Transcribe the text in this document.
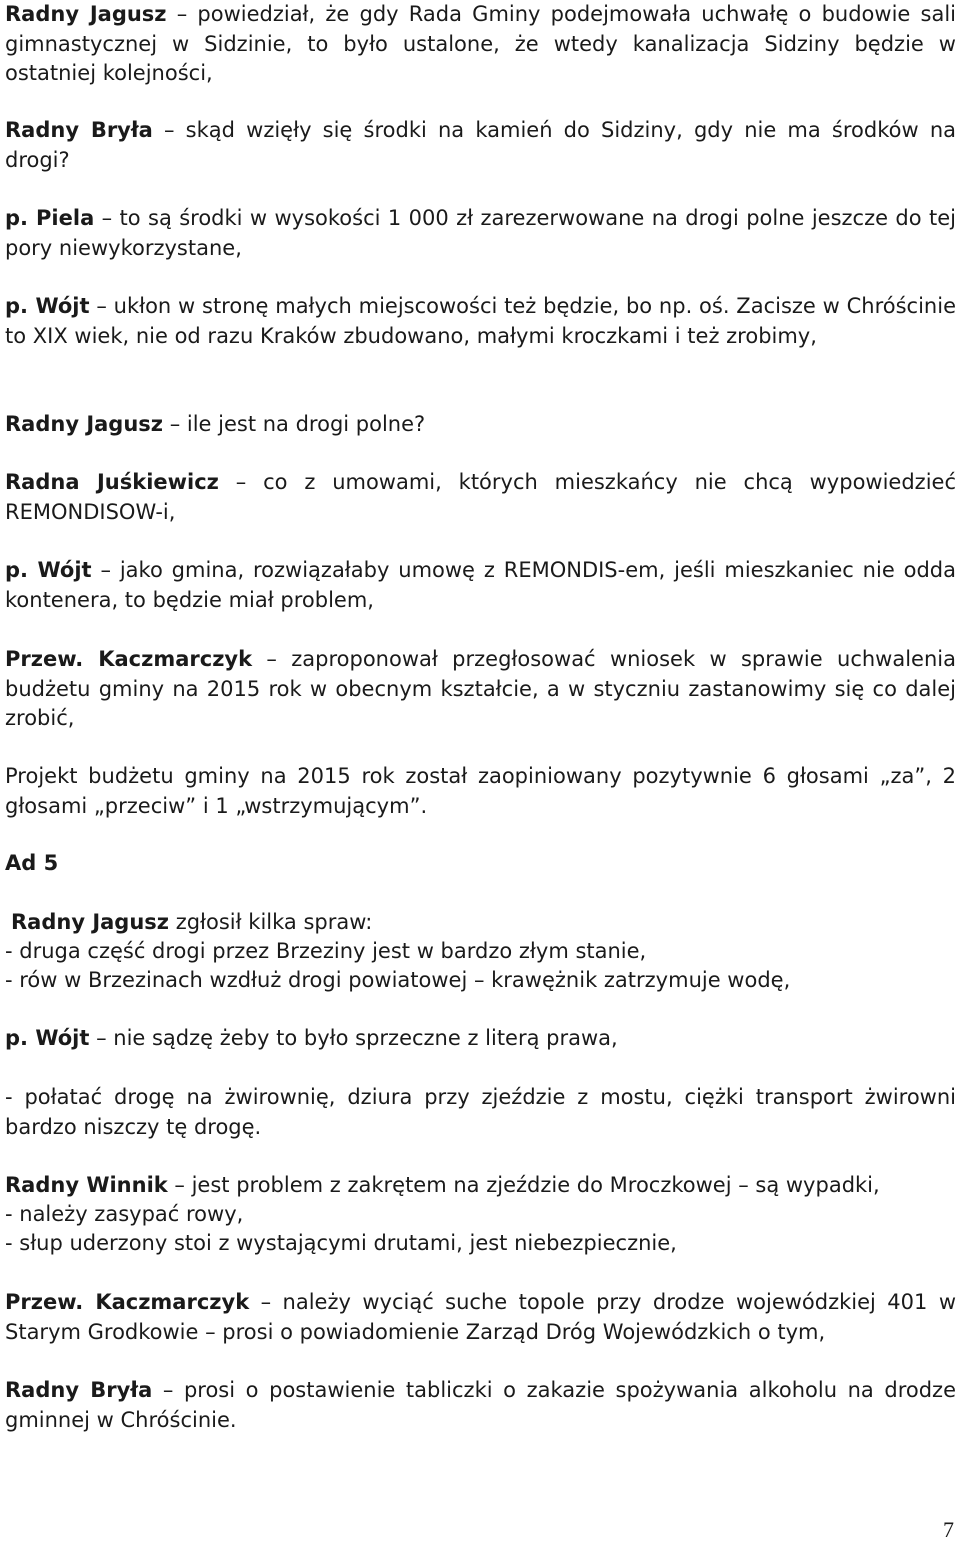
Radny Jagusz – powiedział, że gdy Rada Gminy podejmowała uchwałę o budowie sali gimnastycznej w Sidzinie, to było ustalone, że wtedy kanalizacja Sidziny będzie w ostatniej kolejności,

Radny Bryła – skąd wzięły się środki na kamień do Sidziny, gdy nie ma środków na drogi?

p. Piela – to są środki w wysokości 1 000 zł zarezerwowane na drogi polne jeszcze do tej pory niewykorzystane,

p. Wójt – ukłon w stronę małych miejscowości też będzie, bo np. oś. Zacisze w Chróścinie to XIX wiek, nie od razu Kraków zbudowano, małymi kroczkami i też zrobimy,

Radny Jagusz – ile jest na drogi polne?

Radna Juśkiewicz – co z umowami, których mieszkańcy nie chcą wypowiedzieć REMONDISOW-i,

p. Wójt – jako gmina, rozwiązałaby umowę z REMONDIS-em, jeśli mieszkaniec nie odda kontenera, to będzie miał problem,

Przew. Kaczmarczyk – zaproponował przegłosować wniosek w sprawie uchwalenia budżetu gminy na 2015 rok w obecnym kształcie, a w styczniu zastanowimy się co dalej zrobić,

Projekt budżetu gminy na 2015 rok został zaopiniowany pozytywnie 6 głosami „za”, 2 głosami „przeciw” i 1 „wstrzymującym”.

Ad 5

Radny Jagusz zgłosił kilka spraw:

- druga część drogi przez Brzeziny jest w bardzo złym stanie,

- rów w Brzezinach wzdłuż drogi powiatowej – krawężnik zatrzymuje wodę,

p. Wójt – nie sądzę żeby to było sprzeczne z literą prawa,

- połatać drogę na żwirownię, dziura przy zjeździe z mostu, ciężki transport żwirowni bardzo niszczy tę drogę.

Radny Winnik – jest problem z zakrętem na zjeździe do Mroczkowej – są wypadki,

- należy zasypać rowy,

- słup uderzony stoi z wystającymi drutami, jest niebezpiecznie,

Przew. Kaczmarczyk – należy wyciąć suche topole przy drodze wojewódzkiej 401 w Starym Grodkowie – prosi o powiadomienie Zarząd Dróg Wojewódzkich o tym,

Radny Bryła – prosi o postawienie tabliczki o zakazie spożywania alkoholu na drodze gminnej w Chróścinie.

7
